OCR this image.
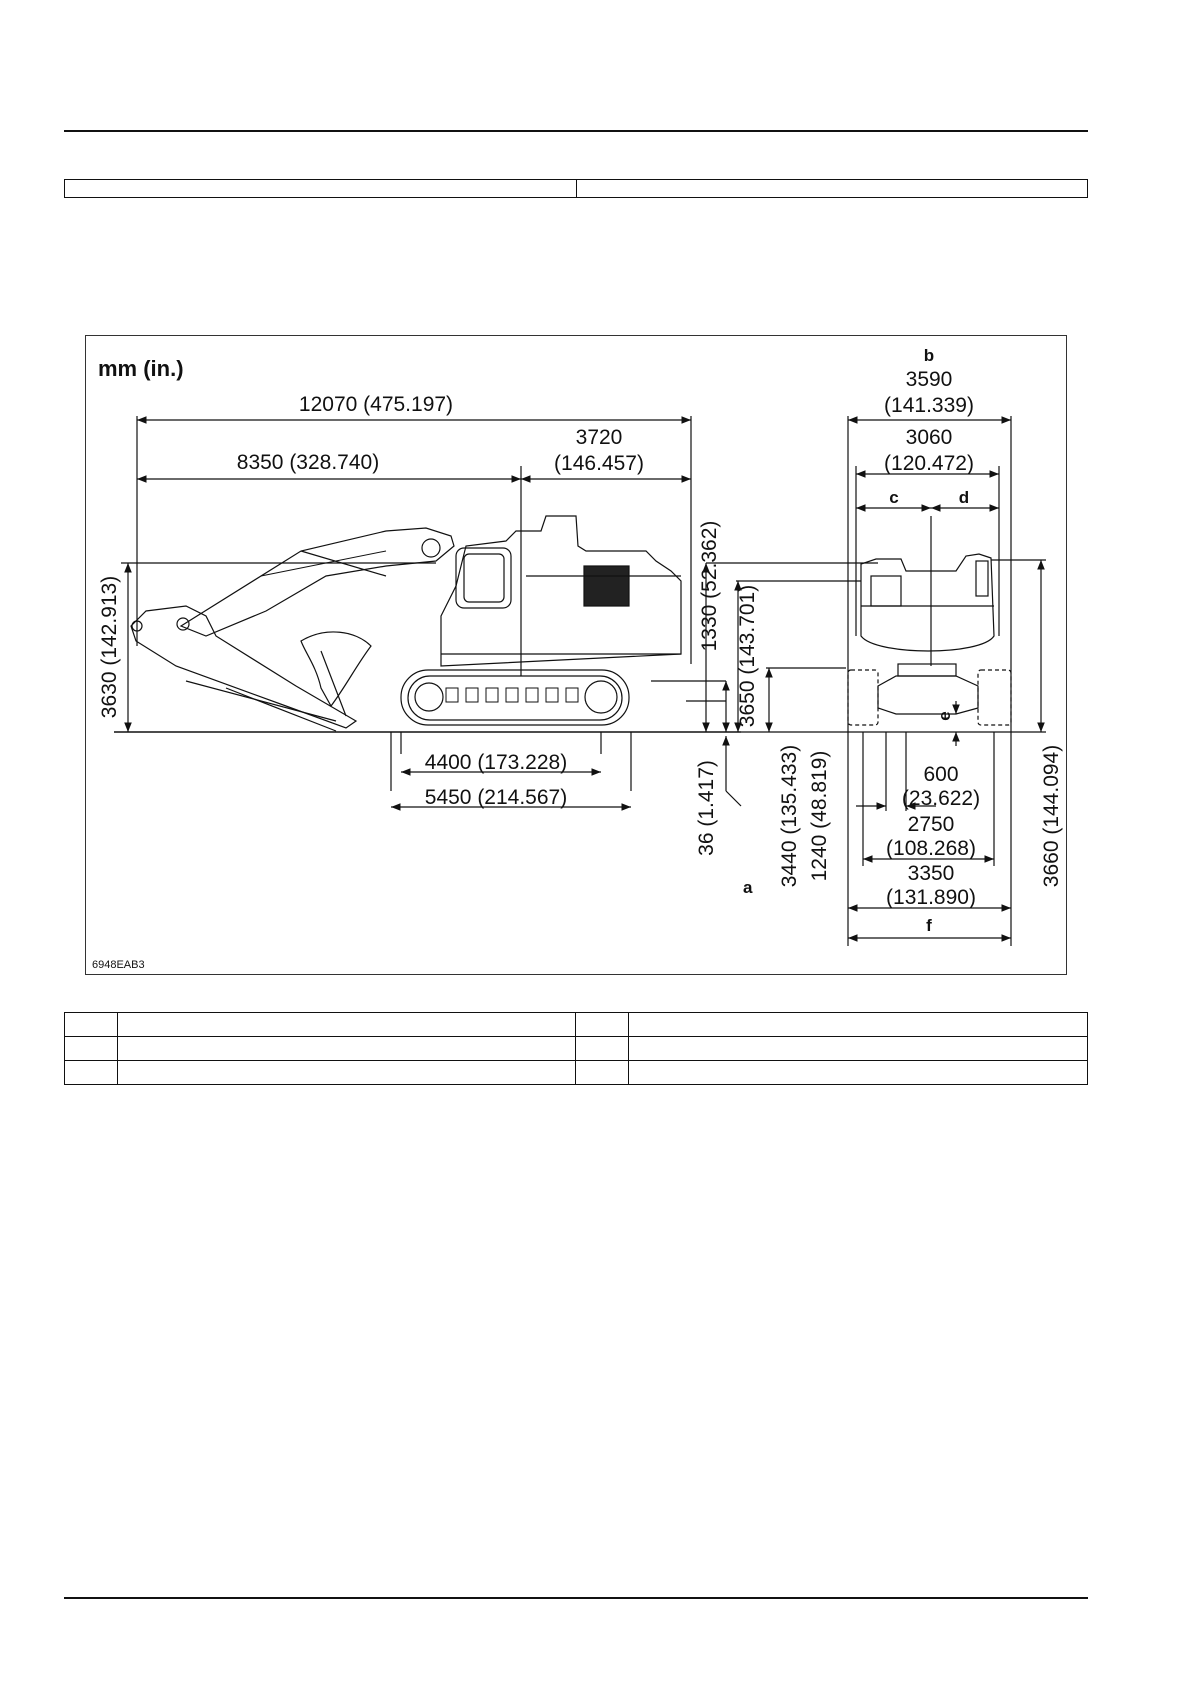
mm (in.)
12070 (475.197)
8350 (328.740)
3720
(146.457)
3630 (142.913)	1330 (52.362) 3650 (143.701)
36 (1.417)
a
4400 (173.228)
5450 (214.567)
b
3590
(141.339)
3060
(120.472)
c	d
e
600
(23.622)
2750
(108.268)
3350
(131.890)
f
3440 (135.433) 1240 (48.819)	3660 (144.094)
6948EAB3
